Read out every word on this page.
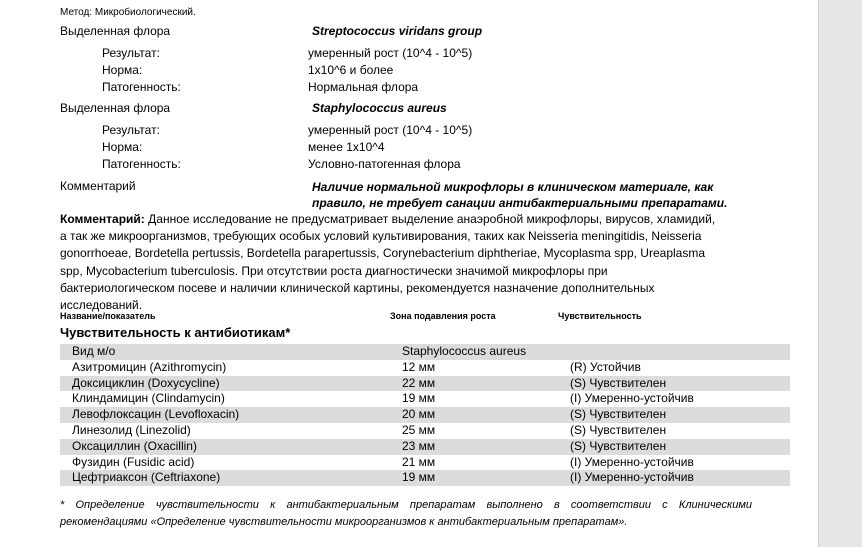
Метод: Микробиологический.
Выделенная флора	Streptococcus viridans group
Результат:	умеренный рост (10^4 - 10^5)
Норма:	1x10^6 и более
Патогенность:	Нормальная флора
Выделенная флора	Staphylococcus aureus
Результат:	умеренный рост (10^4 - 10^5)
Норма:	менее 1x10^4
Патогенность:	Условно-патогенная флора
Комментарий	Наличие нормальной микрофлоры в клиническом материале, как правило, не требует санации антибактериальными препаратами.
Комментарий: Данное исследование не предусматривает выделение анаэробной микрофлоры, вирусов, хламидий, а так же микроорганизмов, требующих особых условий культивирования, таких как Neisseria meningitidis, Neisseria gonorrhoeae, Bordetella pertussis, Bordetella parapertussis, Corynebacterium diphtheriae, Mycoplasma spp, Ureaplasma spp, Mycobacterium tuberculosis. При отсутствии роста диагностически значимой микрофлоры при бактериологическом посеве и наличии клинической картины, рекомендуется назначение дополнительных исследований.
Название/показатель	Зона подавления роста	Чувствительность
Чувствительность к антибиотикам*
Вид м/о	Staphylococcus aureus	
Азитромицин (Azithromycin)	12 мм	(R) Устойчив
Доксициклин (Doxycycline)	22 мм	(S) Чувствителен
Клиндамицин (Clindamycin)	19 мм	(I) Умеренно-устойчив
Левофлоксацин (Levofloxacin)	20 мм	(S) Чувствителен
Линезолид (Linezolid)	25 мм	(S) Чувствителен
Оксациллин (Oxacillin)	23 мм	(S) Чувствителен
Фузидин (Fusidic acid)	21 мм	(I) Умеренно-устойчив
Цефтриаксон (Ceftriaxone)	19 мм	(I) Умеренно-устойчив
* Определение чувствительности к антибактериальным препаратам выполнено в соответствии с Клиническими рекомендациями «Определение чувствительности микроорганизмов к антибактериальным препаратам».
